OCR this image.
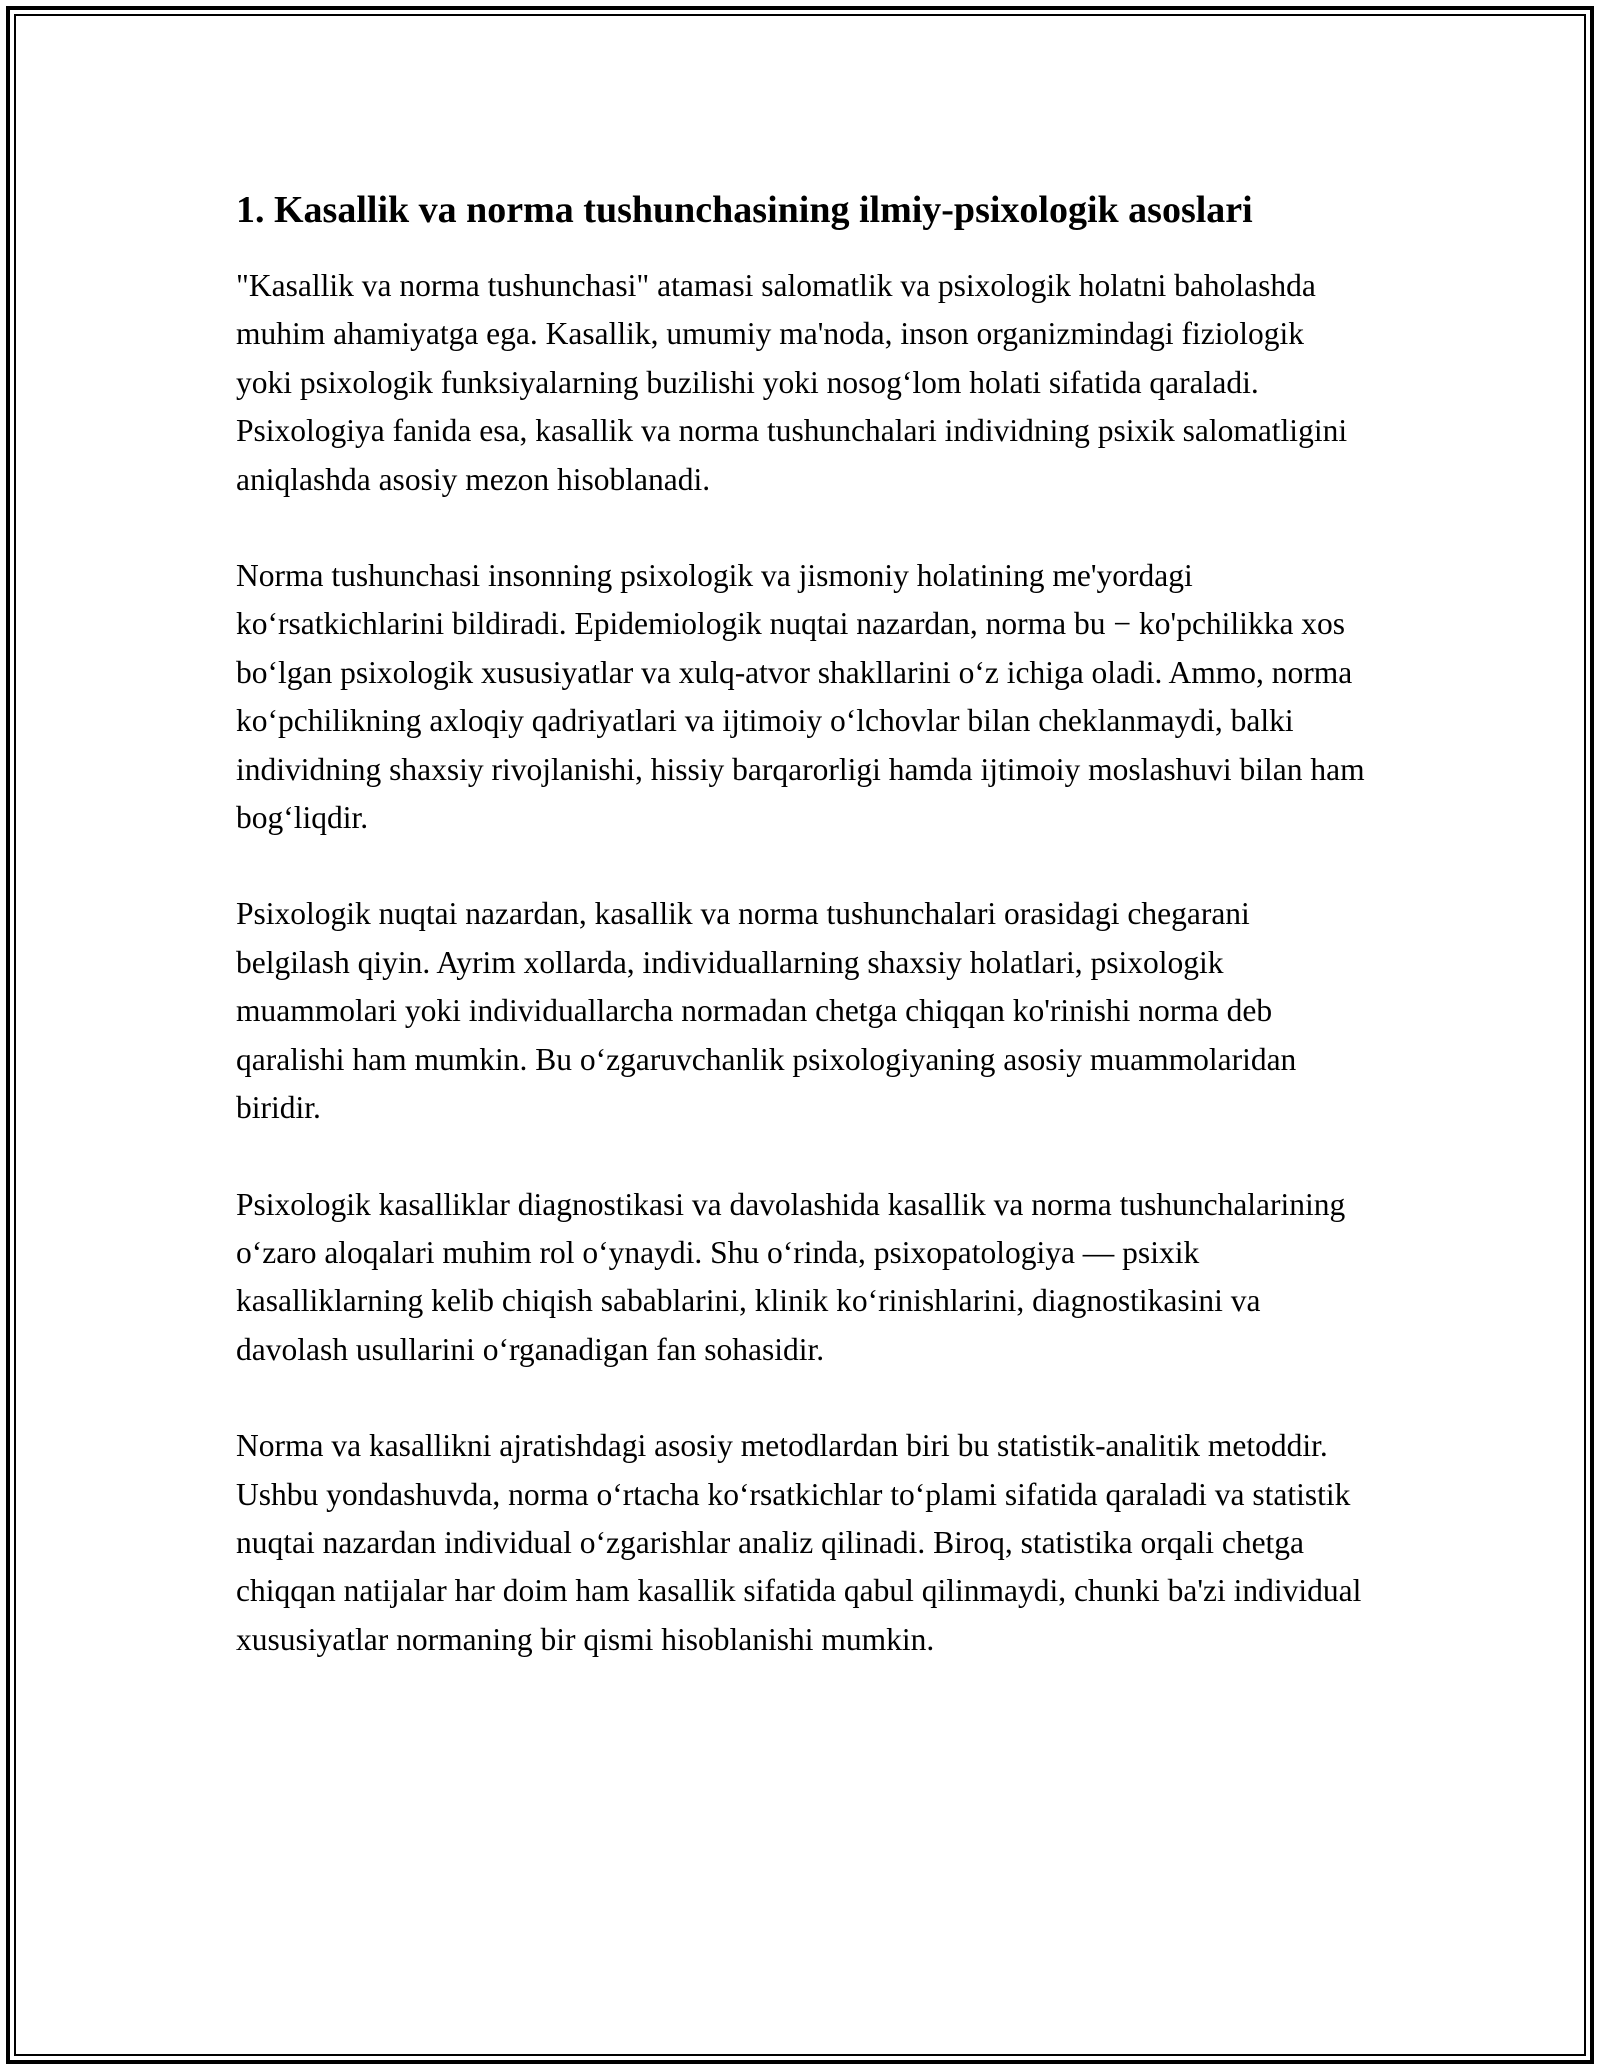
1. Kasallik va norma tushunchasining ilmiy-psixologik asoslari

"Kasallik va norma tushunchasi" atamasi salomatlik va psixologik holatni baholashda muhim ahamiyatga ega. Kasallik, umumiy ma'noda, inson organizmindagi fiziologik yoki psixologik funksiyalarning buzilishi yoki nosogʻlom holati sifatida qaraladi. Psixologiya fanida esa, kasallik va norma tushunchalari individning psixik salomatligini aniqlashda asosiy mezon hisoblanadi.

Norma tushunchasi insonning psixologik va jismoniy holatining me'yordagi koʻrsatkichlarini bildiradi. Epidemiologik nuqtai nazardan, norma bu − ko'pchilikka xos boʻlgan psixologik xususiyatlar va xulq-atvor shakllarini oʻz ichiga oladi. Ammo, norma koʻpchilikning axloqiy qadriyatlari va ijtimoiy oʻlchovlar bilan cheklanmaydi, balki individning shaxsiy rivojlanishi, hissiy barqarorligi hamda ijtimoiy moslashuvi bilan ham bogʻliqdir.

Psixologik nuqtai nazardan, kasallik va norma tushunchalari orasidagi chegarani belgilash qiyin. Ayrim xollarda, individuallarning shaxsiy holatlari, psixologik muammolari yoki individuallarcha normadan chetga chiqqan ko'rinishi norma deb qaralishi ham mumkin. Bu oʻzgaruvchanlik psixologiyaning asosiy muammolaridan biridir.

Psixologik kasalliklar diagnostikasi va davolashida kasallik va norma tushunchalarining oʻzaro aloqalari muhim rol oʻynaydi. Shu oʻrinda, psixopatologiya — psixik kasalliklarning kelib chiqish sabablarini, klinik koʻrinishlarini, diagnostikasini va davolash usullarini oʻrganadigan fan sohasidir.

Norma va kasallikni ajratishdagi asosiy metodlardan biri bu statistik-analitik metoddir. Ushbu yondashuvda, norma oʻrtacha koʻrsatkichlar toʻplami sifatida qaraladi va statistik nuqtai nazardan individual oʻzgarishlar analiz qilinadi. Biroq, statistika orqali chetga chiqqan natijalar har doim ham kasallik sifatida qabul qilinmaydi, chunki ba'zi individual xususiyatlar normaning bir qismi hisoblanishi mumkin.
